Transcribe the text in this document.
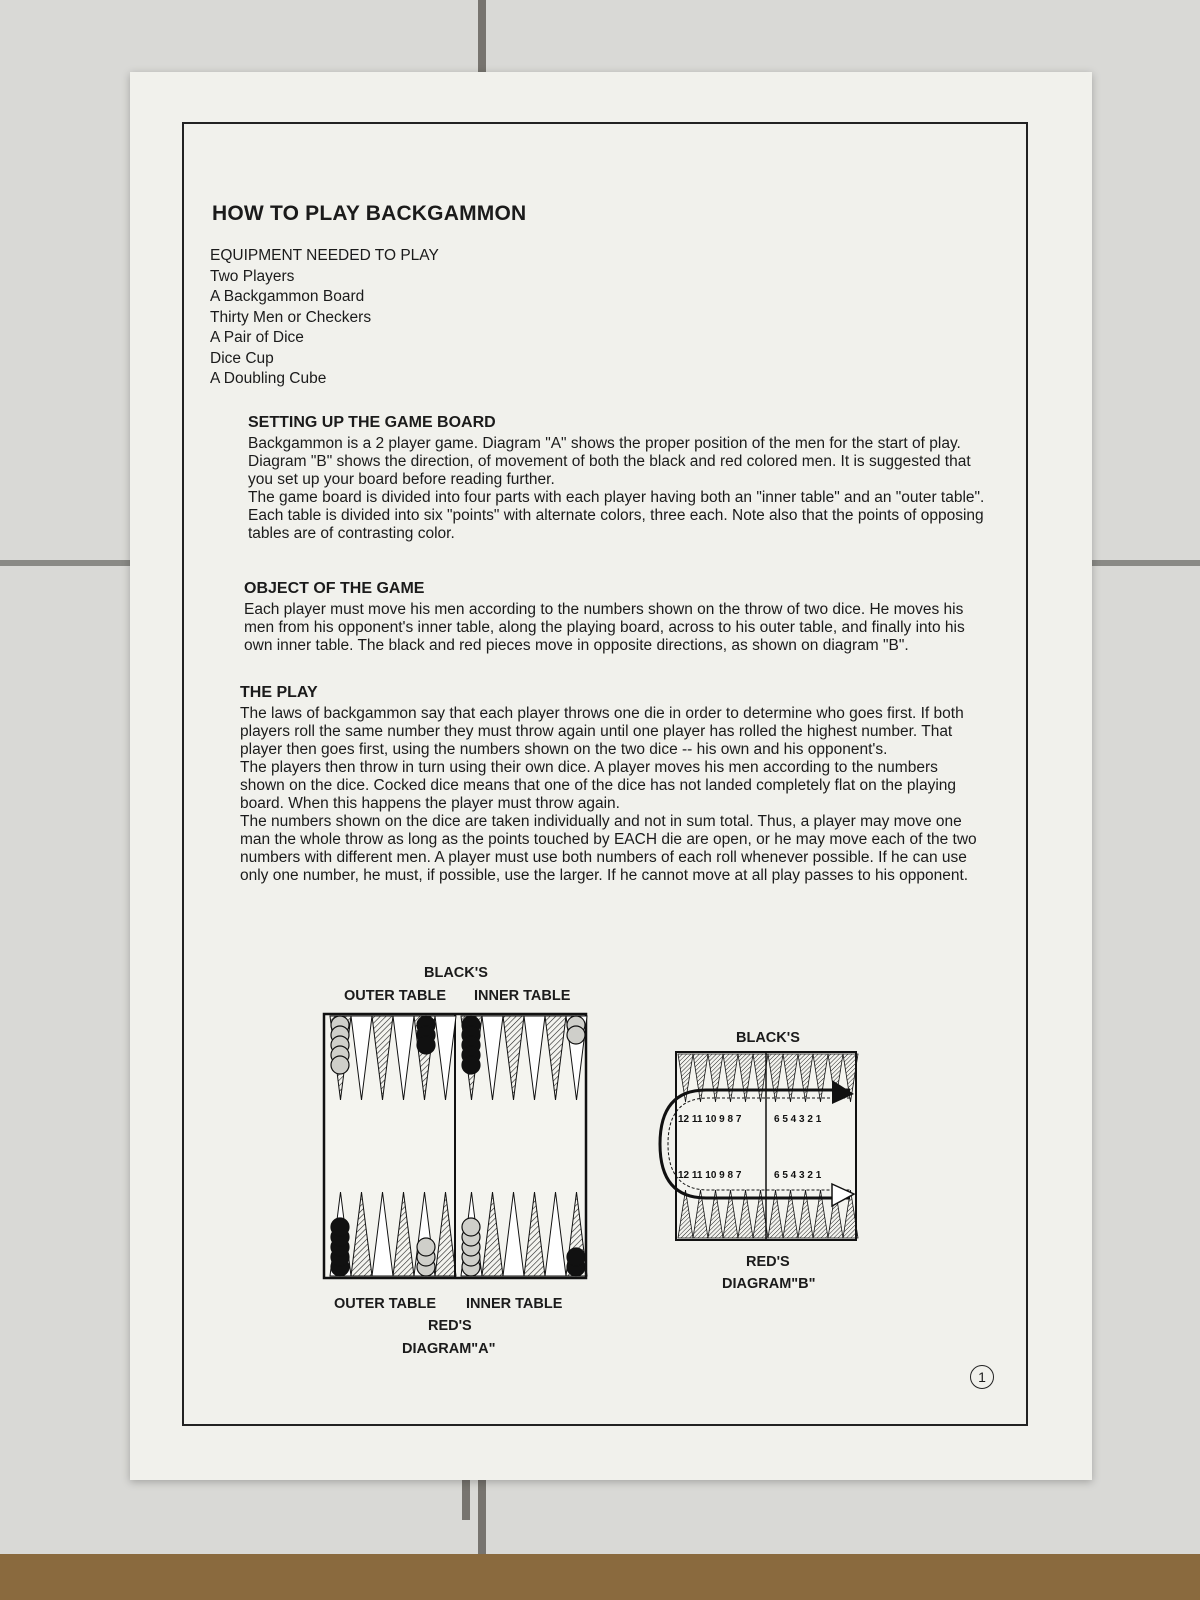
HOW TO PLAY BACKGAMMON
EQUIPMENT NEEDED TO PLAY
Two Players
A Backgammon Board
Thirty Men or Checkers
A Pair of Dice
Dice Cup
A Doubling Cube
SETTING UP THE GAME BOARD

Backgammon is a 2 player game. Diagram "A" shows the proper position of the men for the start of play. Diagram "B" shows the direction, of movement of both the black and red colored men. It is suggested that you set up your board before reading further.
The game board is divided into four parts with each player having both an "inner table" and an "outer table". Each table is divided into six "points" with alternate colors, three each. Note also that the points of opposing tables are of contrasting color.

OBJECT OF THE GAME

Each player must move his men according to the numbers shown on the throw of two dice. He moves his men from his opponent's inner table, along the playing board, across to his outer table, and finally into his own inner table. The black and red pieces move in opposite directions, as shown on diagram "B".

THE PLAY

The laws of backgammon say that each player throws one die in order to determine who goes first. If both players roll the same number they must throw again until one player has rolled the highest number. That player then goes first, using the numbers shown on the two dice -- his own and his opponent's.
The players then throw in turn using their own dice. A player moves his men according to the numbers shown on the dice. Cocked dice means that one of the dice has not landed completely flat on the playing board. When this happens the player must throw again.
The numbers shown on the dice are taken individually and not in sum total. Thus, a player may move one man the whole throw as long as the points touched by EACH die are open, or he may move each of the two numbers with different men. A player must use both numbers of each roll whenever possible. If he can use only one number, he must, if possible, use the larger. If he cannot move at all play passes to his opponent.

BLACK'S
OUTER TABLE INNER TABLE
OUTER TABLE INNER TABLE
RED'S
DIAGRAM"A"
BLACK'S
RED'S
DIAGRAM"B"
12 11 10 9 8 7	6 5 4 3 2 1
12 11 10 9 8 7	6 5 4 3 2 1
1
